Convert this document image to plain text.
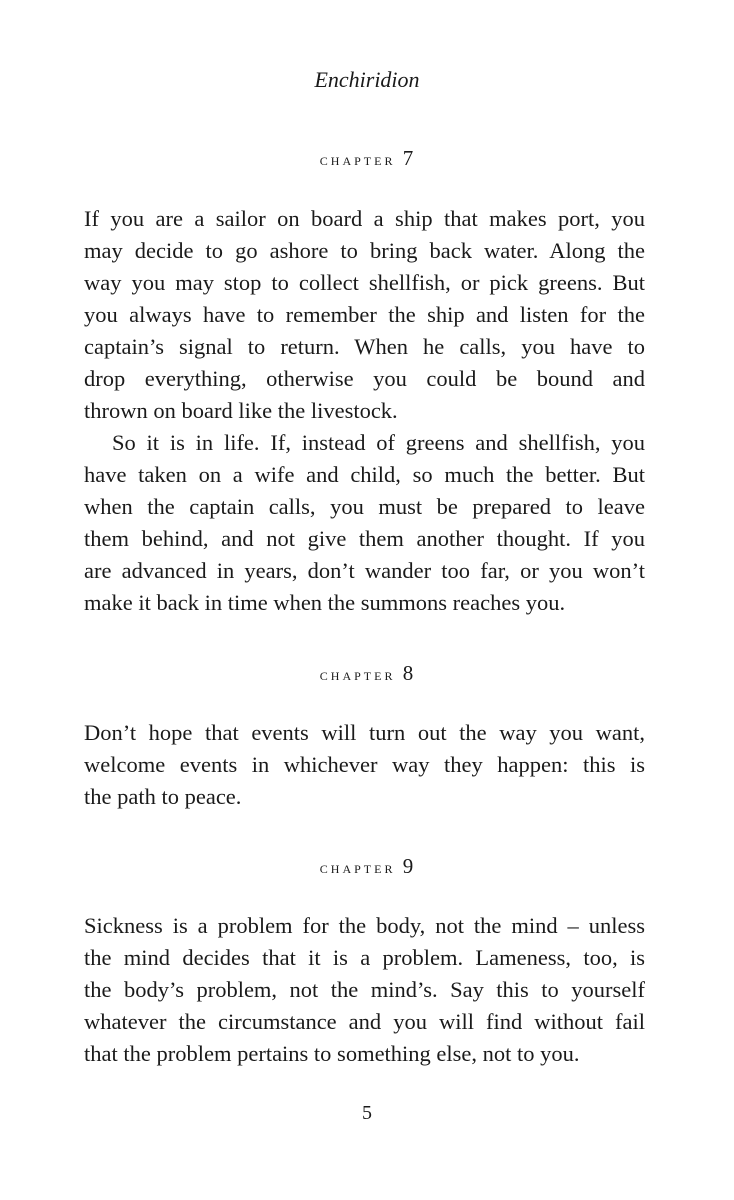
Enchiridion
chapter 7
If you are a sailor on board a ship that makes port, you
may decide to go ashore to bring back water. Along the
way you may stop to collect shellfish, or pick greens. But
you always have to remember the ship and listen for the
captain’s signal to return. When he calls, you have to
drop everything, otherwise you could be bound and
thrown on board like the livestock.
So it is in life. If, instead of greens and shellfish, you
have taken on a wife and child, so much the better. But
when the captain calls, you must be prepared to leave
them behind, and not give them another thought. If you
are advanced in years, don’t wander too far, or you won’t
make it back in time when the summons reaches you.
chapter 8
Don’t hope that events will turn out the way you want,
welcome events in whichever way they happen: this is
the path to peace.
chapter 9
Sickness is a problem for the body, not the mind – unless
the mind decides that it is a problem. Lameness, too, is
the body’s problem, not the mind’s. Say this to yourself
whatever the circumstance and you will find without fail
that the problem pertains to something else, not to you.
5
